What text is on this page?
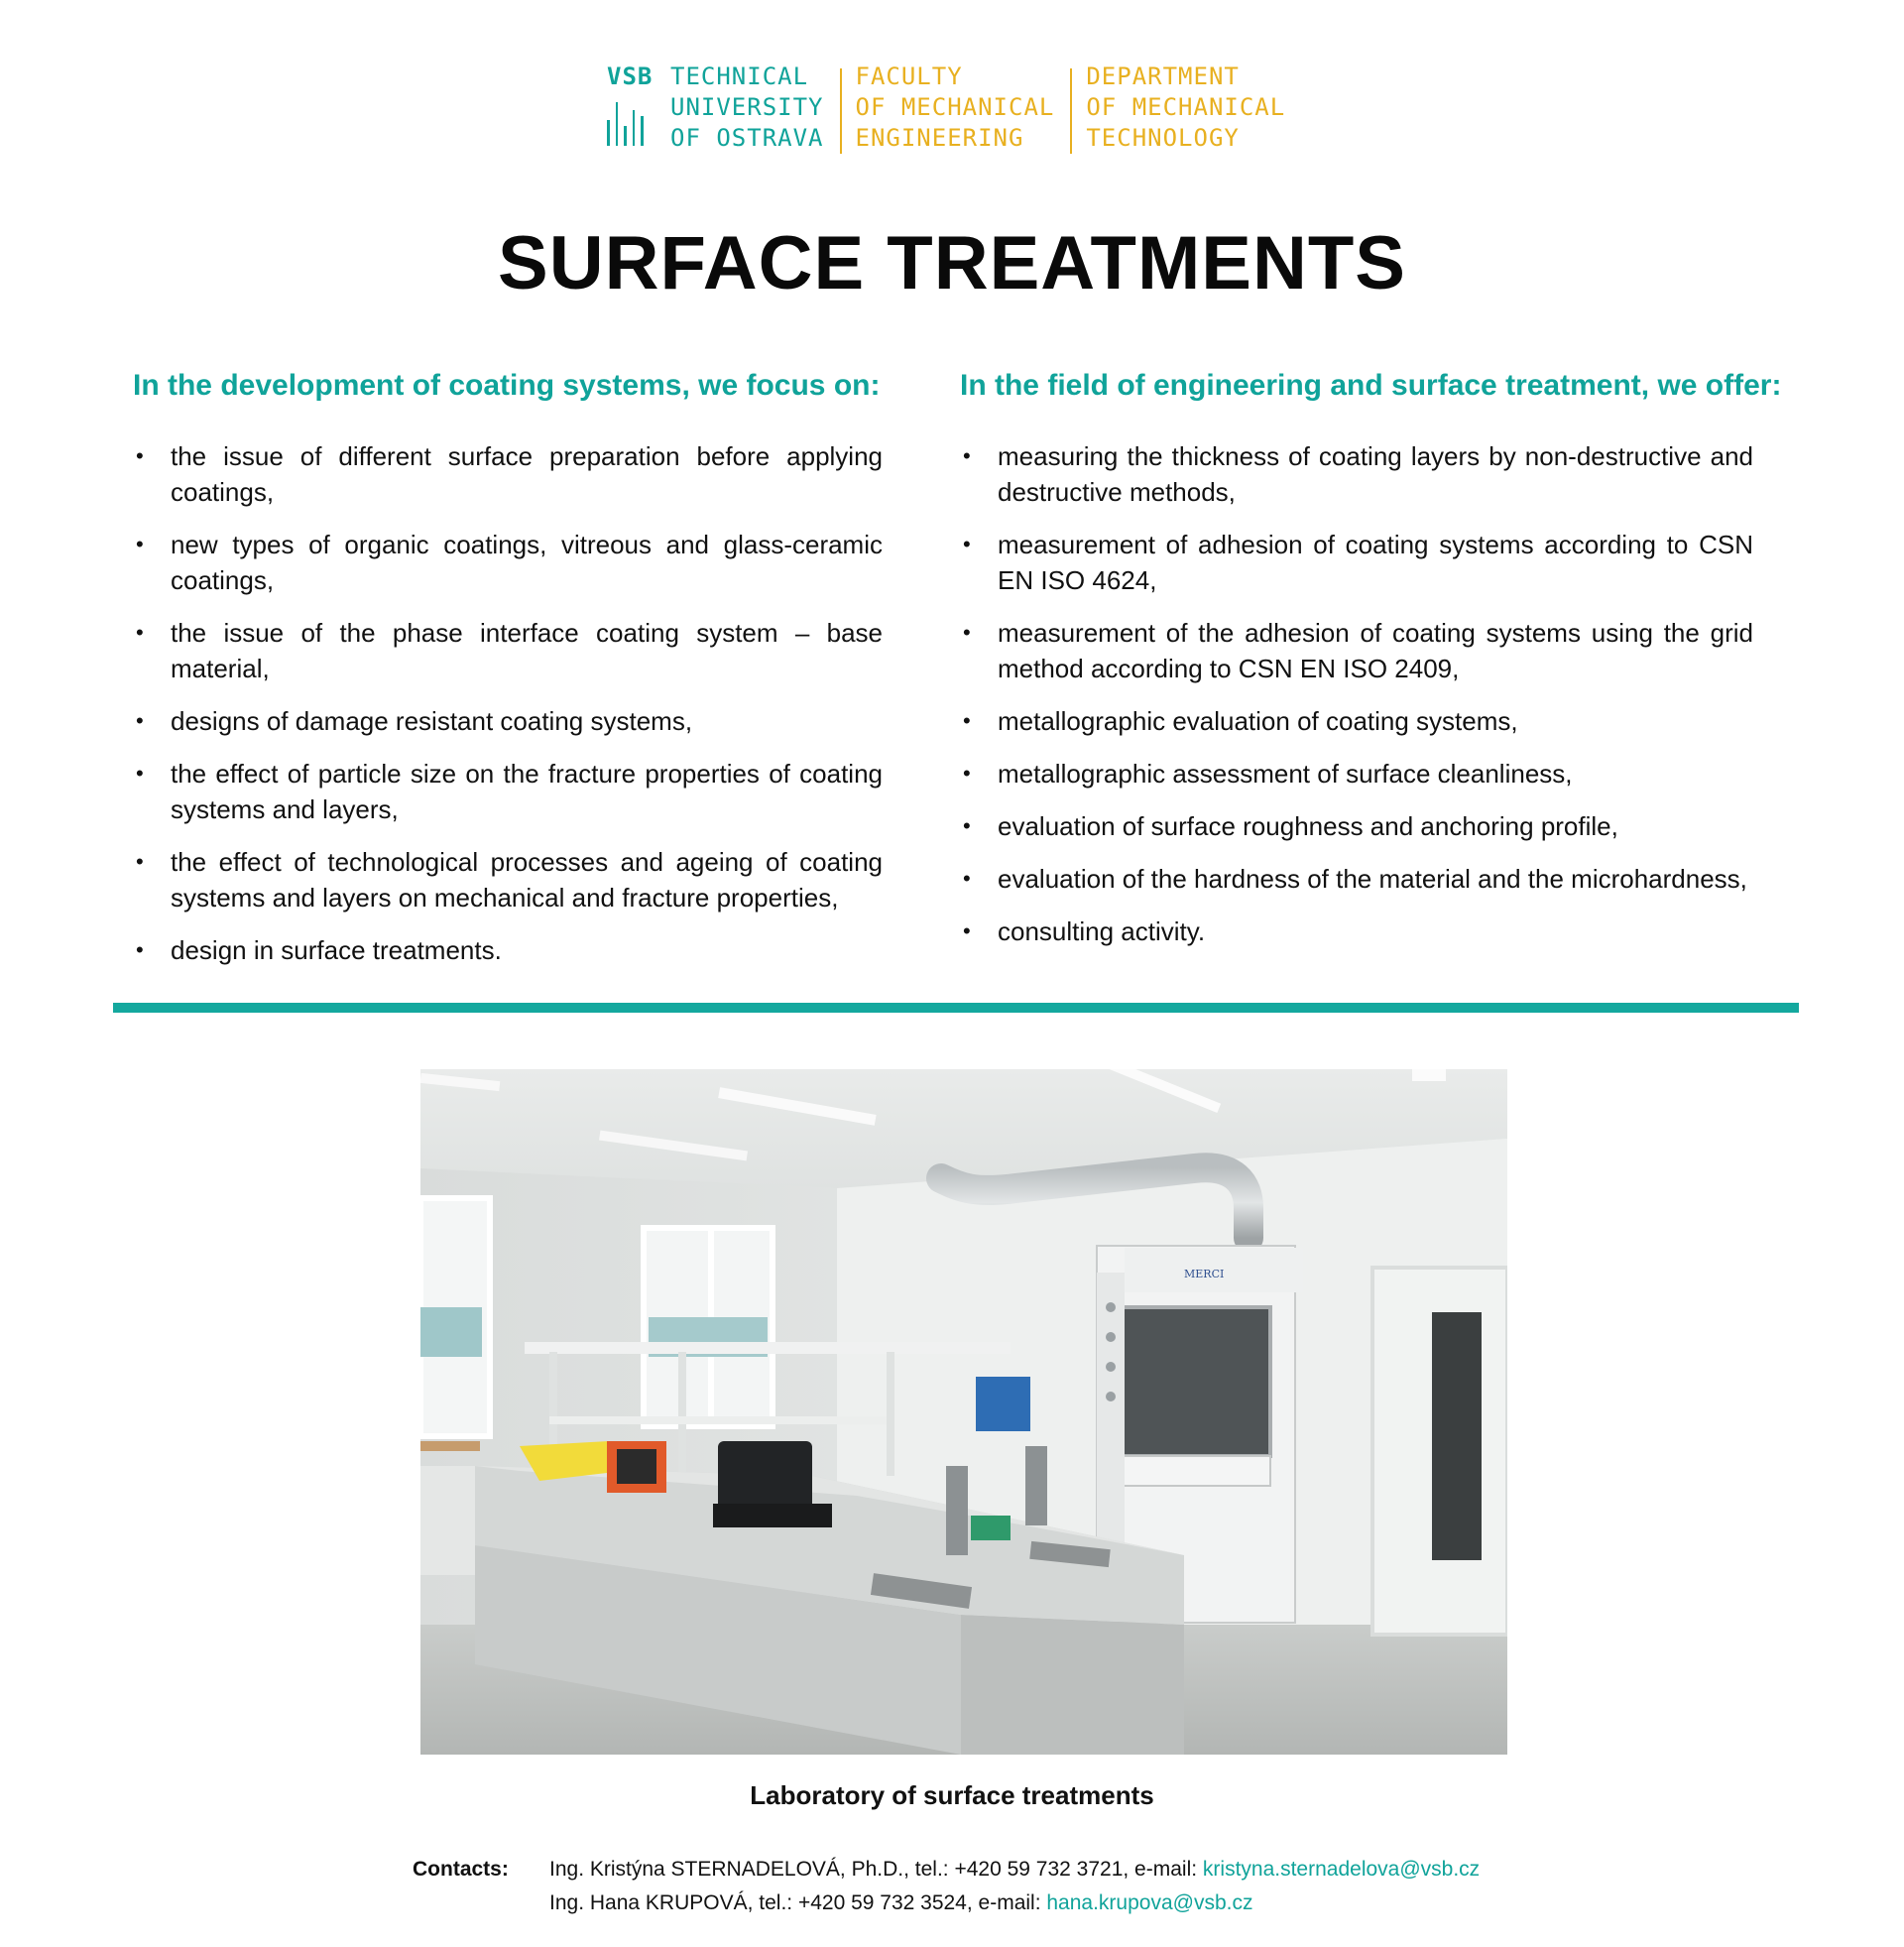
VSB TECHNICAL
UNIVERSITY
OF OSTRAVA
FACULTY
OF MECHANICAL
ENGINEERING
DEPARTMENT
OF MECHANICAL
TECHNOLOGY
SURFACE TREATMENTS
In the development of coating systems, we focus on:
• the issue of different surface preparation before applying coatings,
• new types of organic coatings, vitreous and glass-ceramic coatings,
• the issue of the phase interface coating system – base material,
• designs of damage resistant coating systems,
• the effect of particle size on the fracture properties of coating systems and layers,
• the effect of technological processes and ageing of coating systems and layers on mechanical and fracture properties,
• design in surface treatments.
In the field of engineering and surface treatment, we offer:
• measuring the thickness of coating layers by non-destructive and destructive methods,
• measurement of adhesion of coating systems according to CSN EN ISO 4624,
• measurement of the adhesion of coating systems using the grid method according to CSN EN ISO 2409,
• metallographic evaluation of coating systems,
• metallographic assessment of surface cleanliness,
• evaluation of surface roughness and anchoring profile,
• evaluation of the hardness of the material and the microhardness,
• consulting activity.
MERCI
Laboratory of surface treatments
Contacts: Ing. Kristýna STERNADELOVÁ, Ph.D., tel.: +420 59 732 3721, e-mail: kristyna.sternadelova@vsb.cz
Ing. Hana KRUPOVÁ, tel.: +420 59 732 3524, e-mail: hana.krupova@vsb.cz
